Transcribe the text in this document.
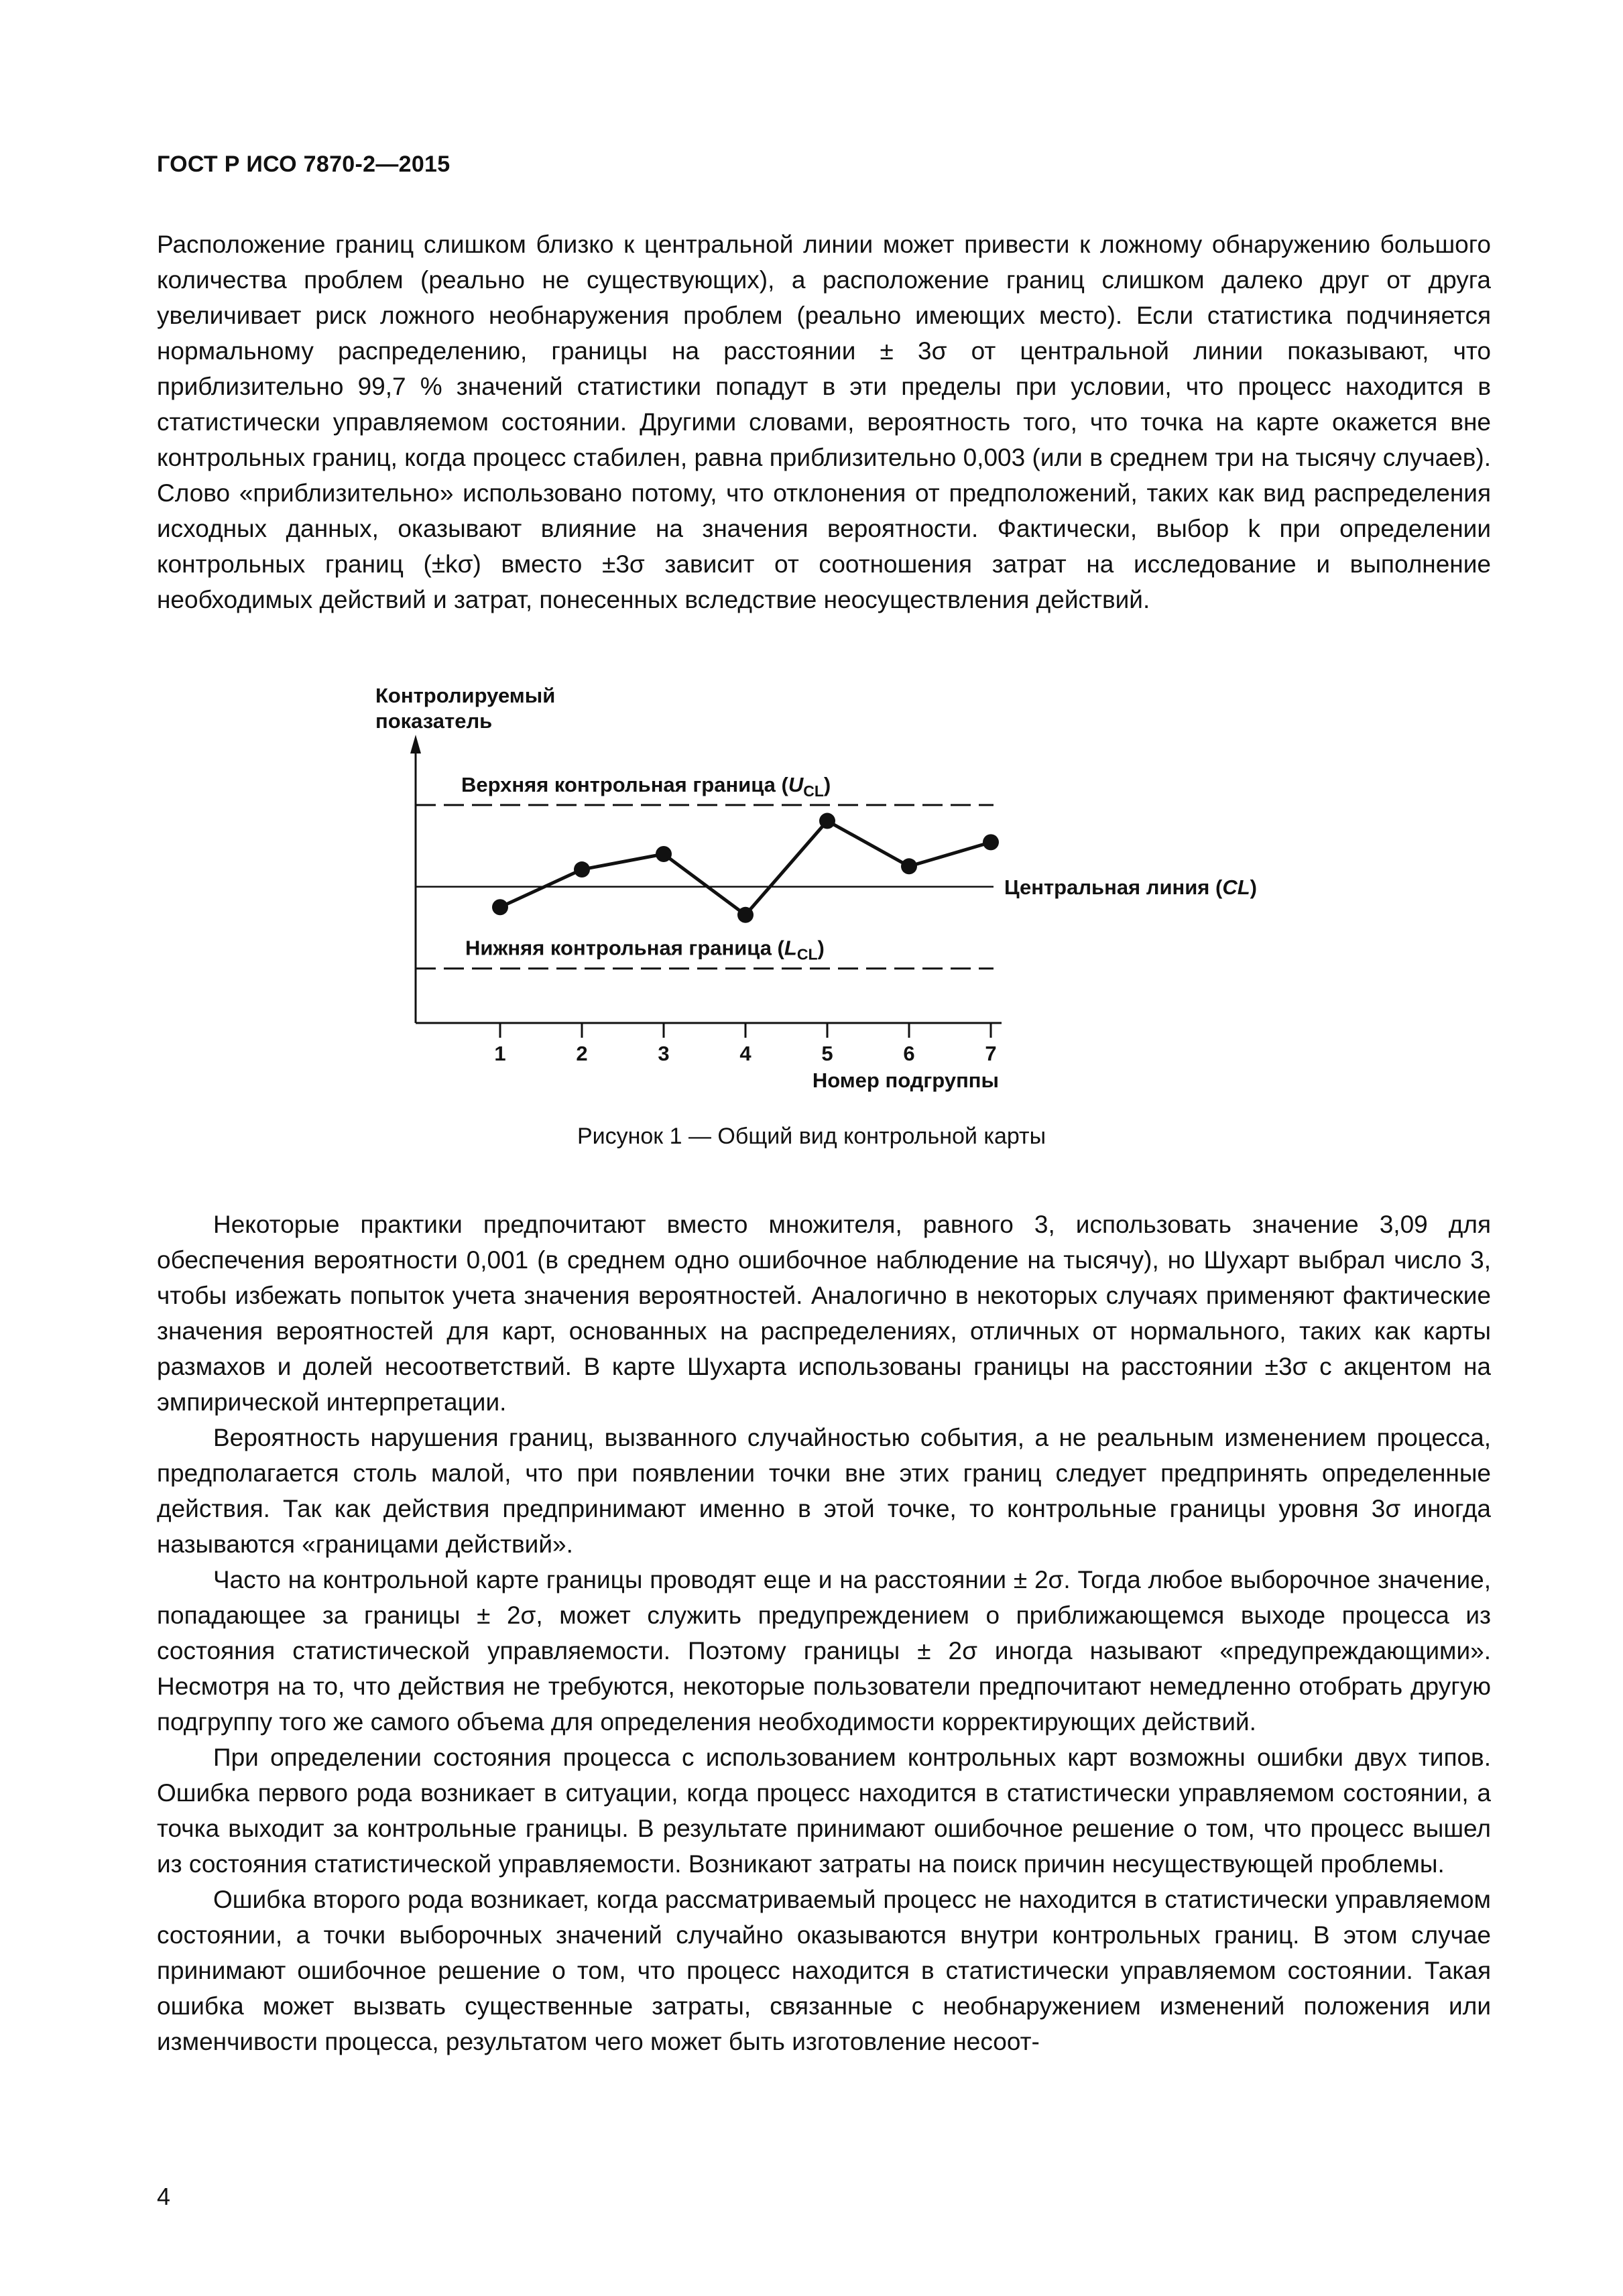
ГОСТ Р ИСО 7870-2—2015

Расположение границ слишком близко к центральной линии может привести к ложному обнаружению большого количества проблем (реально не существующих), а расположение границ слишком далеко друг от друга увеличивает риск ложного необнаружения проблем (реально имеющих место). Если статистика подчиняется нормальному распределению, границы на расстоянии ± 3σ от центральной линии показывают, что приблизительно 99,7 % значений статистики попадут в эти пределы при условии, что процесс находится в статистически управляемом состоянии. Другими словами, вероятность того, что точка на карте окажется вне контрольных границ, когда процесс стабилен, равна приблизительно 0,003 (или в среднем три на тысячу случаев). Слово «приблизительно» использовано потому, что отклонения от предположений, таких как вид распределения исходных данных, оказывают влияние на значения вероятности. Фактически, выбор k при определении контрольных границ (±kσ) вместо ±3σ зависит от соотношения затрат на исследование и выполнение необходимых действий и затрат, понесенных вследствие неосуществления действий.

Контролируемый
показатель
Верхняя контрольная граница $(U_{CL})$
Центральная линия (CL)
Нижняя контрольная граница $(L_{CL})$
1	2	3	4	5	6	7
Номер подгруппы
Рисунок 1 — Общий вид контрольной карты

Некоторые практики предпочитают вместо множителя, равного 3, использовать значение 3,09 для обеспечения вероятности 0,001 (в среднем одно ошибочное наблюдение на тысячу), но Шухарт выбрал число 3, чтобы избежать попыток учета значения вероятностей. Аналогично в некоторых случаях применяют фактические значения вероятностей для карт, основанных на распределениях, отличных от нормального, таких как карты размахов и долей несоответствий. В карте Шухарта использованы границы на расстоянии ±3σ с акцентом на эмпирической интерпретации.

Вероятность нарушения границ, вызванного случайностью события, а не реальным изменением процесса, предполагается столь малой, что при появлении точки вне этих границ следует предпринять определенные действия. Так как действия предпринимают именно в этой точке, то контрольные границы уровня 3σ иногда называются «границами действий».

Часто на контрольной карте границы проводят еще и на расстоянии ± 2σ. Тогда любое выборочное значение, попадающее за границы ± 2σ, может служить предупреждением о приближающемся выходе процесса из состояния статистической управляемости. Поэтому границы ± 2σ иногда называют «предупреждающими». Несмотря на то, что действия не требуются, некоторые пользователи предпочитают немедленно отобрать другую подгруппу того же самого объема для определения необходимости корректирующих действий.

При определении состояния процесса с использованием контрольных карт возможны ошибки двух типов. Ошибка первого рода возникает в ситуации, когда процесс находится в статистически управляемом состоянии, а точка выходит за контрольные границы. В результате принимают ошибочное решение о том, что процесс вышел из состояния статистической управляемости. Возникают затраты на поиск причин несуществующей проблемы.

Ошибка второго рода возникает, когда рассматриваемый процесс не находится в статистически управляемом состоянии, а точки выборочных значений случайно оказываются внутри контрольных границ. В этом случае принимают ошибочное решение о том, что процесс находится в статистически управляемом состоянии. Такая ошибка может вызвать существенные затраты, связанные с необнаружением изменений положения или изменчивости процесса, результатом чего может быть изготовление несоот-

4
